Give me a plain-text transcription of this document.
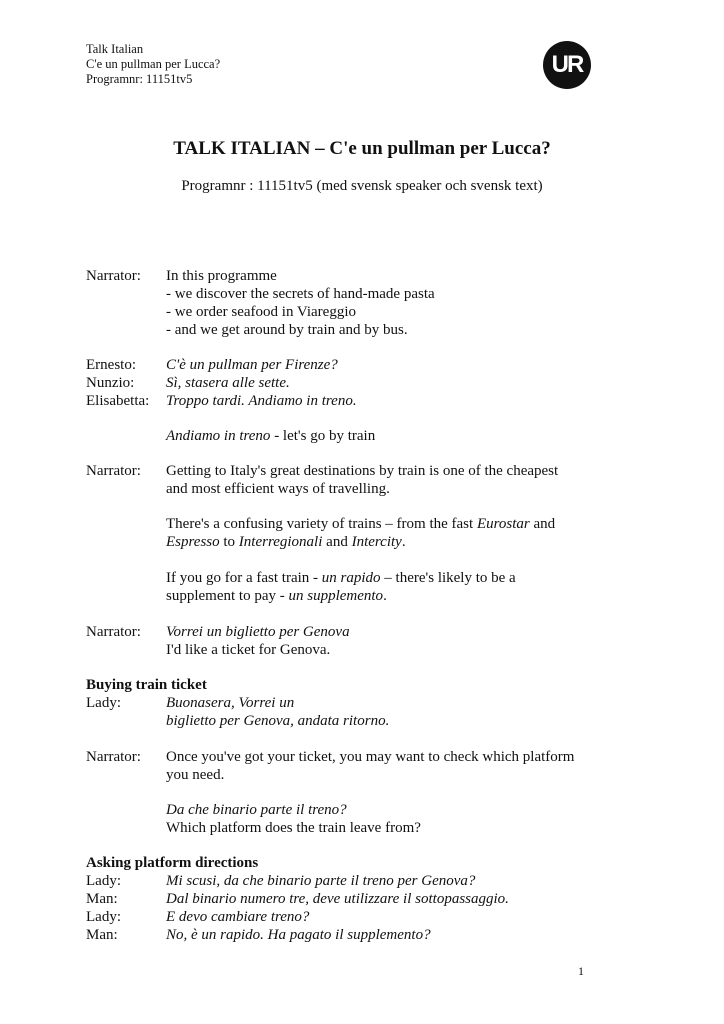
Talk Italian
C'e un pullman per Lucca?
Programnr: 11151tv5
UR
TALK ITALIAN – C'e un pullman per Lucca?
Programnr : 11151tv5 (med svensk speaker och svensk text)
Narrator: In this programme
- we discover the secrets of hand-made pasta
- we order seafood in Viareggio
- and we get around by train and by bus.
Ernesto: C'è un pullman per Firenze?
Nunzio: Sì, stasera alle sette.
Elisabetta: Troppo tardi. Andiamo in treno.
Andiamo in treno - let's go by train
Narrator: Getting to Italy's great destinations by train is one of the cheapest
and most efficient ways of travelling.
There's a confusing variety of trains – from the fast Eurostar and
Espresso to Interregionali and Intercity.
If you go for a fast train - un rapido – there's likely to be a
supplement to pay - un supplemento.
Narrator: Vorrei un biglietto per Genova
I'd like a ticket for Genova.
Buying train ticket
Lady:	Buonasera, Vorrei un
biglietto per Genova, andata ritorno.
Narrator: Once you've got your ticket, you may want to check which platform
you need.
Da che binario parte il treno?
Which platform does the train leave from?
Asking platform directions
Lady:	Mi scusi, da che binario parte il treno per Genova?
Man:	Dal binario numero tre, deve utilizzare il sottopassaggio.
Lady:	E devo cambiare treno?
Man:	No, è un rapido. Ha pagato il supplemento?
1
